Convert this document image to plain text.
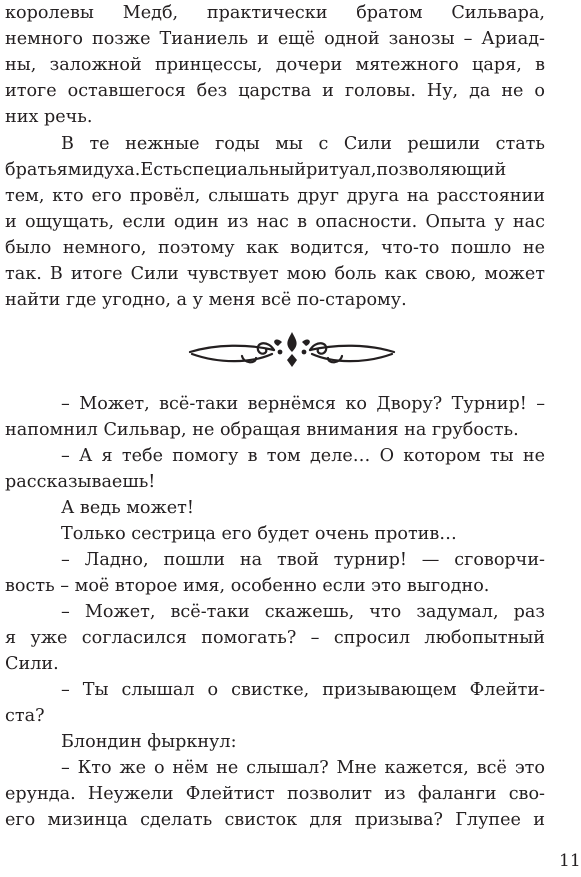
королевы Медб, практически братом Сильвара,
немного позже Тианиель и ещё одной занозы – Ариад-
ны, заложной принцессы, дочери мятежного царя, в
итоге оставшегося без царства и головы. Ну, да не о
них речь.
В те нежные годы мы с Сили решили стать
братьямидуха.Естьспециальныйритуал,позволяющий
тем, кто его провёл, слышать друг друга на расстоянии
и ощущать, если один из нас в опасности. Опыта у нас
было немного, поэтому как водится, что-то пошло не
так. В итоге Сили чувствует мою боль как свою, может
найти где угодно, а у меня всё по-старому.
– Может, всё-таки вернёмся ко Двору? Турнир! –
напомнил Сильвар, не обращая внимания на грубость.
– А я тебе помогу в том деле… О котором ты не
рассказываешь!
А ведь может!
Только сестрица его будет очень против…
– Ладно, пошли на твой турнир! — сговорчи-
вость – моё второе имя, особенно если это выгодно.
– Может, всё-таки скажешь, что задумал, раз
я уже согласился помогать? – спросил любопытный
Сили.
– Ты слышал о свистке, призывающем Флейти-
ста?
Блондин фыркнул:
– Кто же о нём не слышал? Мне кажется, всё это
ерунда. Неужели Флейтист позволит из фаланги сво-
его мизинца сделать свисток для призыва? Глупее и
11
